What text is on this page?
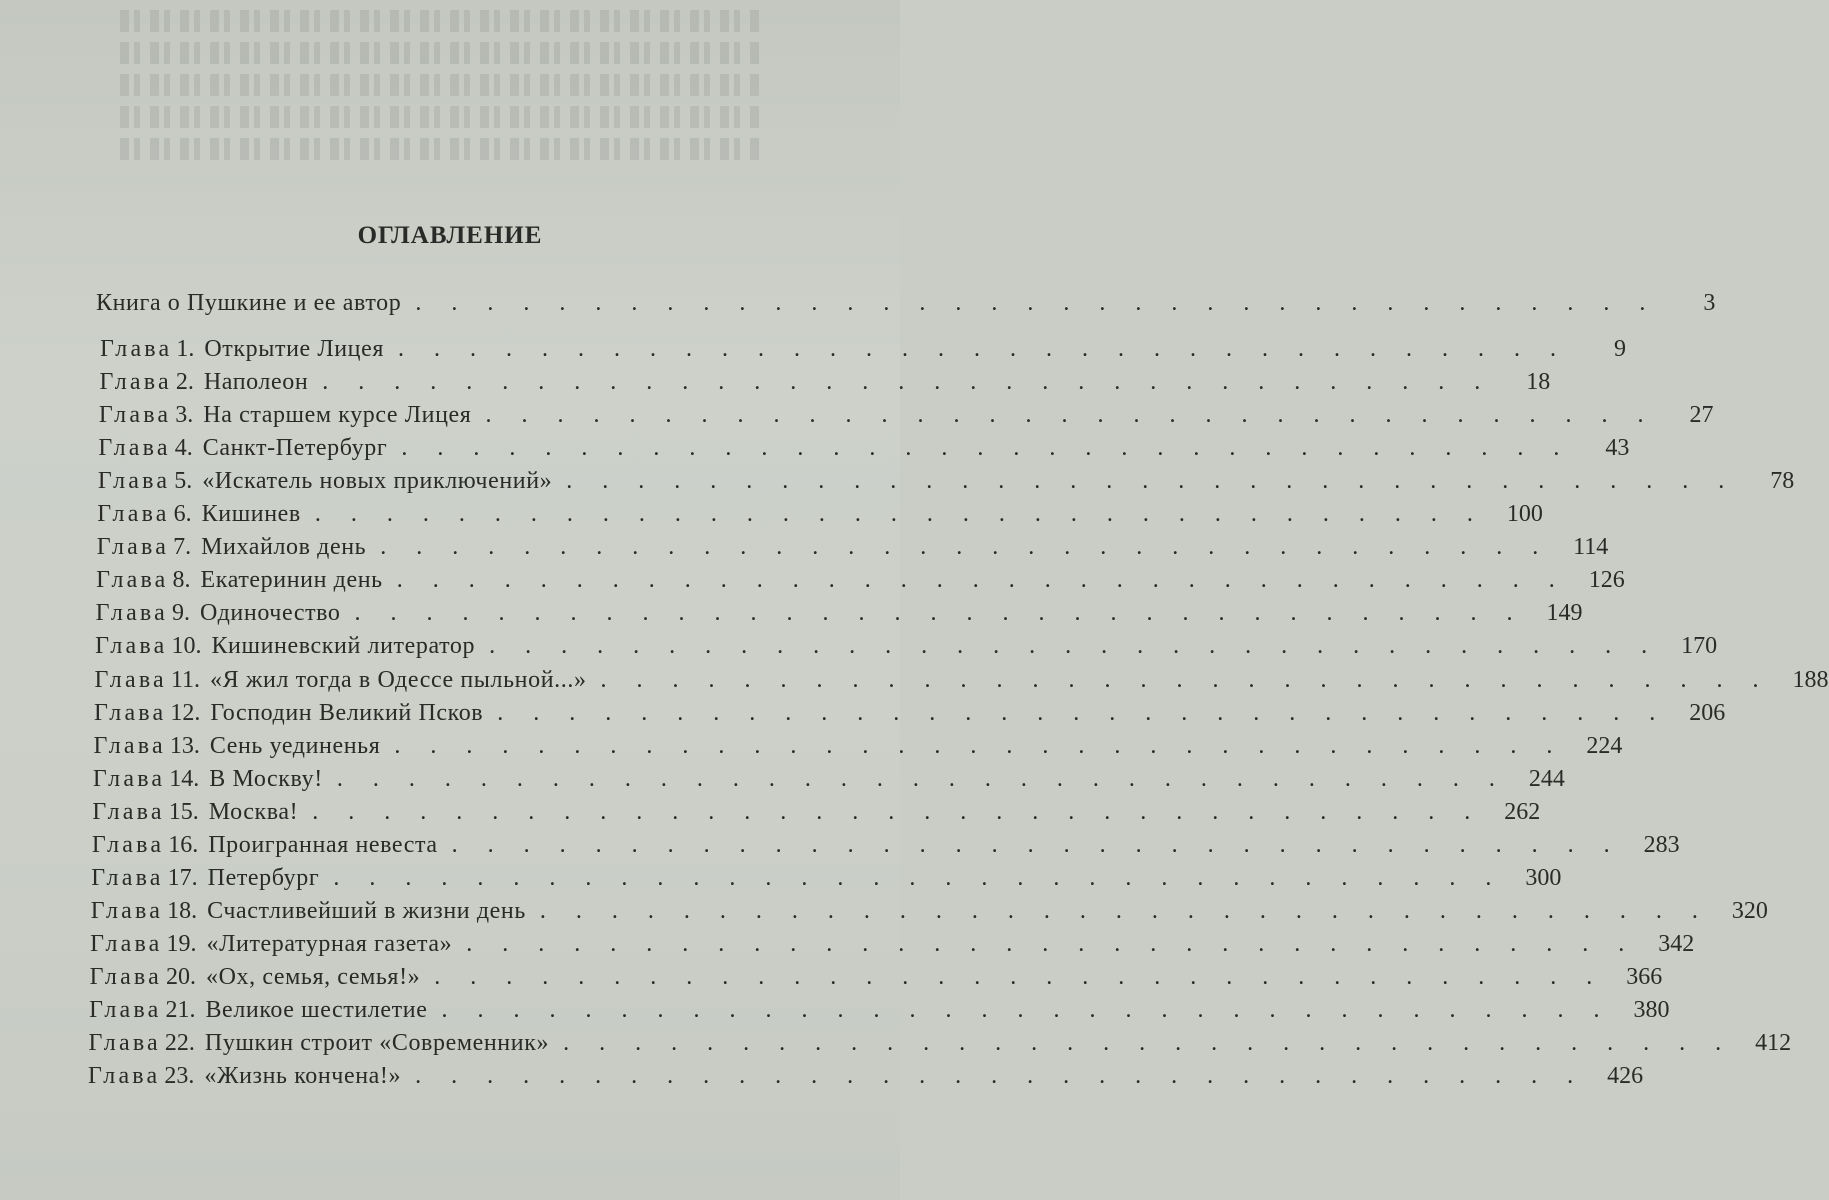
ОГЛАВЛЕНИЕ
Книга о Пушкине и ее автор . . . . . . . . . . . . . . . . . . . . . . . . . . . . . . . . . . .	3
Глава 1. Открытие Лицея . . . . . . . . . . . . . . . . . . . . . . . . . . . . . . . . .	9
Глава 2. Наполеон . . . . . . . . . . . . . . . . . . . . . . . . . . . . . . . . .	18
Глава 3. На старшем курсе Лицея . . . . . . . . . . . . . . . . . . . . . . . . . . . . . . . . .	27
Глава 4. Санкт-Петербург . . . . . . . . . . . . . . . . . . . . . . . . . . . . . . . . .	43
Глава 5. «Искатель новых приключений» . . . . . . . . . . . . . . . . . . . . . . . . . . . . . . . . .	78
Глава 6. Кишинев . . . . . . . . . . . . . . . . . . . . . . . . . . . . . . . . . 100
Глава 7. Михайлов день . . . . . . . . . . . . . . . . . . . . . . . . . . . . . . . . . 114
Глава 8. Екатеринин день . . . . . . . . . . . . . . . . . . . . . . . . . . . . . . . . . 126
Глава 9. Одиночество . . . . . . . . . . . . . . . . . . . . . . . . . . . . . . . . . 149
Глава 10. Кишиневский литератор . . . . . . . . . . . . . . . . . . . . . . . . . . . . . . . . . 170
Глава 11. «Я жил тогда в Одессе пыльной...» . . . . . . . . . . . . . . . . . . . . . . . . . . . . . . . . . 188
Глава 12. Господин Великий Псков . . . . . . . . . . . . . . . . . . . . . . . . . . . . . . . . . 206
Глава 13. Сень уединенья . . . . . . . . . . . . . . . . . . . . . . . . . . . . . . . . . 224
Глава 14. В Москву! . . . . . . . . . . . . . . . . . . . . . . . . . . . . . . . . . 244
Глава 15. Москва! . . . . . . . . . . . . . . . . . . . . . . . . . . . . . . . . . 262
Глава 16. Проигранная невеста . . . . . . . . . . . . . . . . . . . . . . . . . . . . . . . . . 283
Глава 17. Петербург . . . . . . . . . . . . . . . . . . . . . . . . . . . . . . . . . 300
Глава 18. Счастливейший в жизни день . . . . . . . . . . . . . . . . . . . . . . . . . . . . . . . . . 320
Глава 19. «Литературная газета» . . . . . . . . . . . . . . . . . . . . . . . . . . . . . . . . . 342
Глава 20. «Ох, семья, семья!» . . . . . . . . . . . . . . . . . . . . . . . . . . . . . . . . . 366
Глава 21. Великое шестилетие . . . . . . . . . . . . . . . . . . . . . . . . . . . . . . . . . 380
Глава 22. Пушкин строит «Современник» . . . . . . . . . . . . . . . . . . . . . . . . . . . . . . . . . 412
Глава 23. «Жизнь кончена!» . . . . . . . . . . . . . . . . . . . . . . . . . . . . . . . . . 426
